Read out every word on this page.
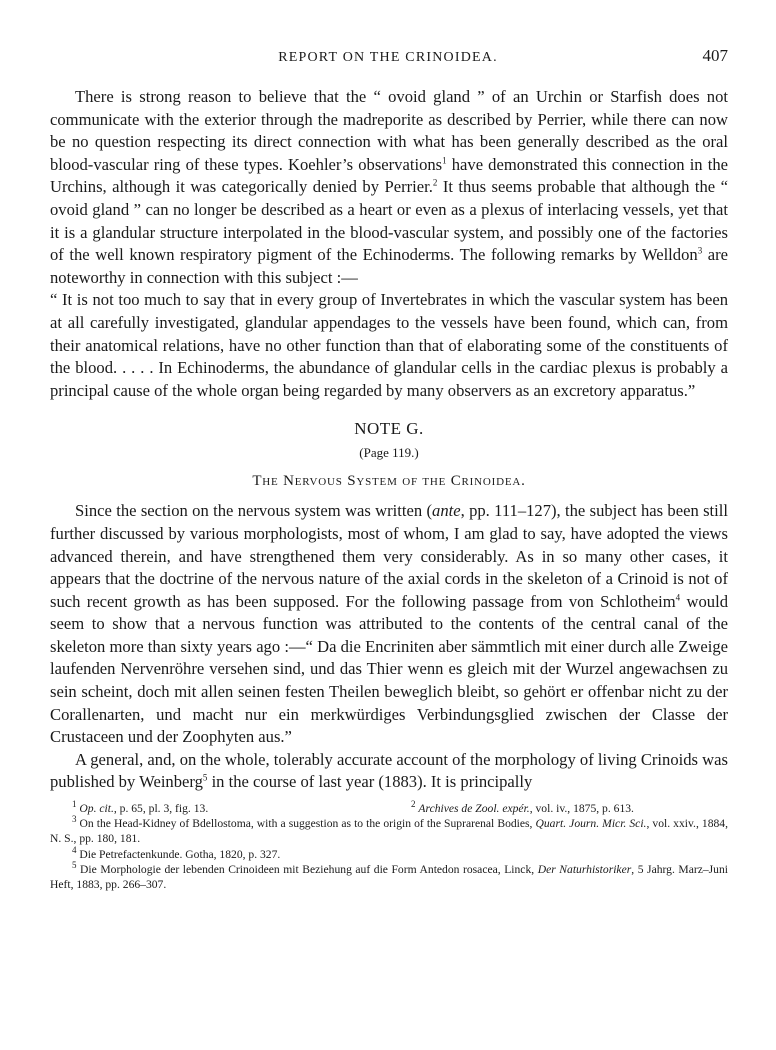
REPORT ON THE CRINOIDEA.	407

There is strong reason to believe that the “ ovoid gland ” of an Urchin or Starfish does not communicate with the exterior through the madreporite as described by Perrier, while there can now be no question respecting its direct connection with what has been generally described as the oral blood-vascular ring of these types. Koehler’s observations$^1$ have demonstrated this connection in the Urchins, although it was categorically denied by Perrier.$^2$ It thus seems probable that although the “ ovoid gland ” can no longer be described as a heart or even as a plexus of interlacing vessels, yet that it is a glandular structure interpolated in the blood-vascular system, and possibly one of the factories of the well known respiratory pigment of the Echinoderms. The following remarks by Welldon$^3$ are noteworthy in connection with this subject :—

“ It is not too much to say that in every group of Invertebrates in which the vascular system has been at all carefully investigated, glandular appendages to the vessels have been found, which can, from their anatomical relations, have no other function than that of elaborating some of the constituents of the blood. . . . . In Echinoderms, the abundance of glandular cells in the cardiac plexus is probably a principal cause of the whole organ being regarded by many observers as an excretory apparatus.”

NOTE G.
(Page 119.)
The Nervous System of the Crinoidea.

Since the section on the nervous system was written (ante, pp. 111–127), the subject has been still further discussed by various morphologists, most of whom, I am glad to say, have adopted the views advanced therein, and have strengthened them very considerably. As in so many other cases, it appears that the doctrine of the nervous nature of the axial cords in the skeleton of a Crinoid is not of such recent growth as has been supposed. For the following passage from von Schlotheim$^4$ would seem to show that a nervous function was attributed to the contents of the central canal of the skeleton more than sixty years ago :—“ Da die Encriniten aber sämmtlich mit einer durch alle Zweige laufenden Nervenröhre versehen sind, und das Thier wenn es gleich mit der Wurzel angewachsen zu sein scheint, doch mit allen seinen festen Theilen beweglich bleibt, so gehört er offenbar nicht zu der Corallenarten, und macht nur ein merkwürdiges Verbindungsglied zwischen der Classe der Crustaceen und der Zoophyten aus.”

A general, and, on the whole, tolerably accurate account of the morphology of living Crinoids was published by Weinberg$^5$ in the course of last year (1883). It is principally

$^1$ Op. cit., p. 65, pl. 3, fig. 13.	$^2$ Archives de Zool. expér., vol. iv., 1875, p. 613.
$^3$ On the Head-Kidney of Bdellostoma, with a suggestion as to the origin of the Suprarenal Bodies, Quart. Journ. Micr. Sci., vol. xxiv., 1884, N. S., pp. 180, 181.
$^4$ Die Petrefactenkunde. Gotha, 1820, p. 327.
$^5$ Die Morphologie der lebenden Crinoideen mit Beziehung auf die Form Antedon rosacea, Linck, Der Naturhistoriker, 5 Jahrg. Marz–Juni Heft, 1883, pp. 266–307.
